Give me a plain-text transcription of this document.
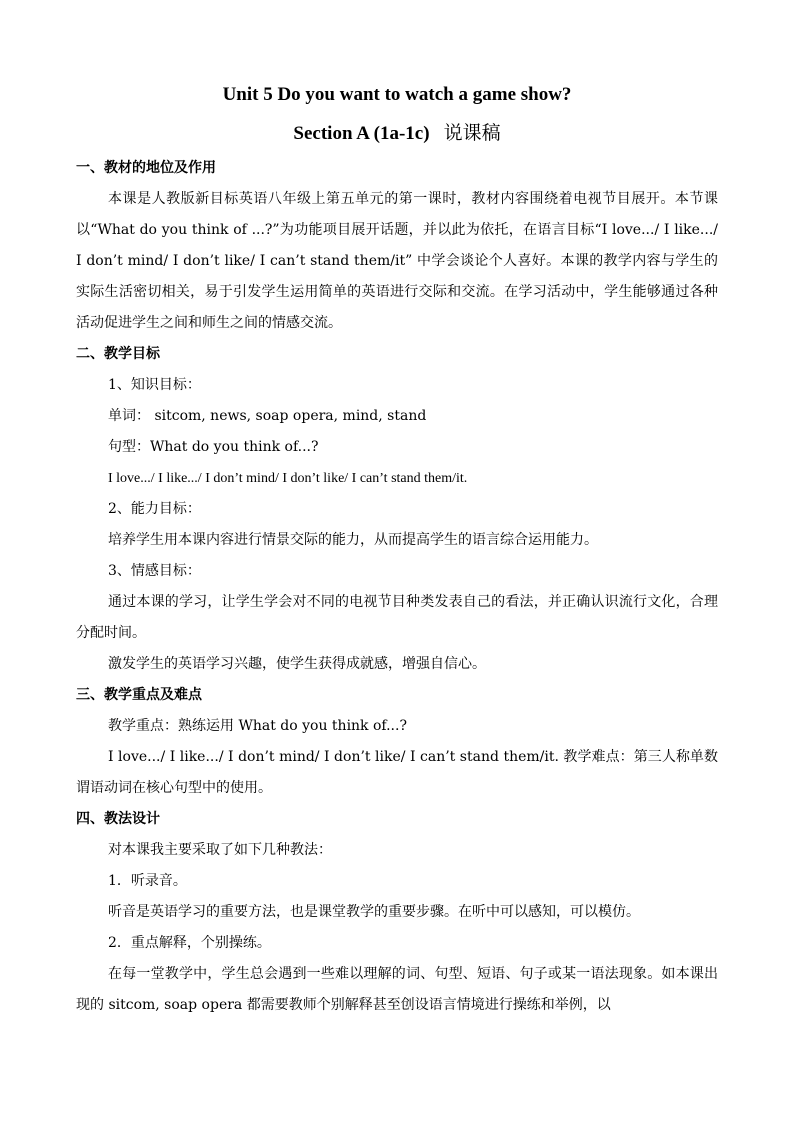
Unit 5 Do you want to watch a game show?
Section A (1a-1c) 说课稿
一、教材的地位及作用

本课是人教版新目标英语八年级上第五单元的第一课时，教材内容围绕着电视节目展开。本节课以“What do you think of ...?”为功能项目展开话题，并以此为依托，在语言目标“I love.../ I like.../ I don’t mind/ I don’t like/ I can’t stand them/it” 中学会谈论个人喜好。本课的教学内容与学生的实际生活密切相关，易于引发学生运用简单的英语进行交际和交流。在学习活动中，学生能够通过各种活动促进学生之间和师生之间的情感交流。

二、教学目标

1、知识目标：

单词： sitcom, news, soap opera, mind, stand

句型：What do you think of...?

I love.../ I like.../ I don’t mind/ I don’t like/ I can’t stand them/it.

2、能力目标：

培养学生用本课内容进行情景交际的能力，从而提高学生的语言综合运用能力。

3、情感目标：

通过本课的学习，让学生学会对不同的电视节目种类发表自己的看法，并正确认识流行文化，合理分配时间。

激发学生的英语学习兴趣，使学生获得成就感，增强自信心。

三、教学重点及难点

教学重点：熟练运用 What do you think of...?

I love.../ I like.../ I don’t mind/ I don’t like/ I can’t stand them/it. 教学难点：第三人称单数谓语动词在核心句型中的使用。

四、教法设计

对本课我主要采取了如下几种教法：

1．听录音。

听音是英语学习的重要方法，也是课堂教学的重要步骤。在听中可以感知，可以模仿。

2．重点解释，个别操练。

在每一堂教学中，学生总会遇到一些难以理解的词、句型、短语、句子或某一语法现象。如本课出现的 sitcom, soap opera 都需要教师个别解释甚至创设语言情境进行操练和举例，以
